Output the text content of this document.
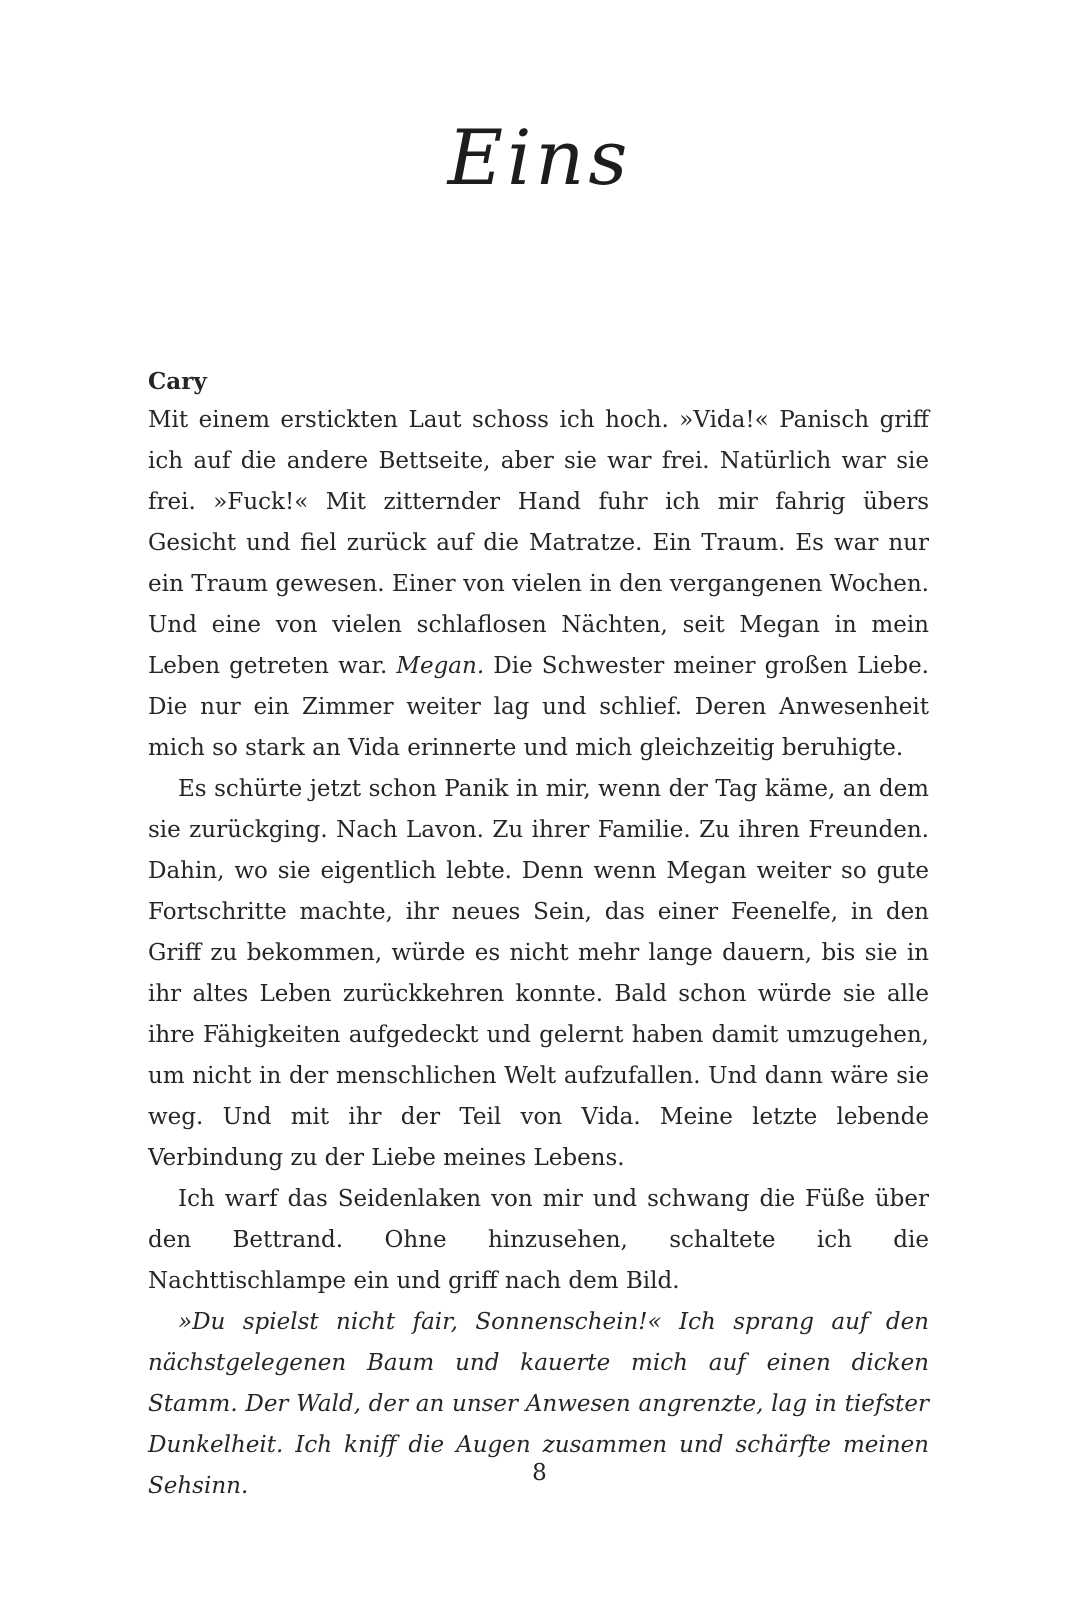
Eins
Cary

Mit einem erstickten Laut schoss ich hoch. »Vida!« Panisch griff ich auf die andere Bettseite, aber sie war frei. Natürlich war sie frei. »Fuck!« Mit zitternder Hand fuhr ich mir fahrig übers Gesicht und fiel zurück auf die Matratze. Ein Traum. Es war nur ein Traum gewesen. Einer von vielen in den vergangenen Wochen. Und eine von vielen schlaflosen Nächten, seit Megan in mein Leben getreten war. Megan. Die Schwester meiner großen Liebe. Die nur ein Zimmer weiter lag und schlief. Deren Anwesenheit mich so stark an Vida erinnerte und mich gleichzeitig beruhigte.

Es schürte jetzt schon Panik in mir, wenn der Tag käme, an dem sie zurückging. Nach Lavon. Zu ihrer Familie. Zu ihren Freunden. Dahin, wo sie eigentlich lebte. Denn wenn Megan weiter so gute Fortschritte machte, ihr neues Sein, das einer Feenelfe, in den Griff zu bekommen, würde es nicht mehr lange dauern, bis sie in ihr altes Leben zurückkehren konnte. Bald schon würde sie alle ihre Fähigkeiten aufgedeckt und gelernt haben damit umzugehen, um nicht in der menschlichen Welt aufzufallen. Und dann wäre sie weg. Und mit ihr der Teil von Vida. Meine letzte lebende Verbindung zu der Liebe meines Lebens.

Ich warf das Seidenlaken von mir und schwang die Füße über den Bettrand. Ohne hinzusehen, schaltete ich die Nachttischlampe ein und griff nach dem Bild.

»Du spielst nicht fair, Sonnenschein!« Ich sprang auf den nächstgelegenen Baum und kauerte mich auf einen dicken Stamm. Der Wald, der an unser Anwesen angrenzte, lag in tiefster Dunkelheit. Ich kniff die Augen zusammen und schärfte meinen Sehsinn.	8
